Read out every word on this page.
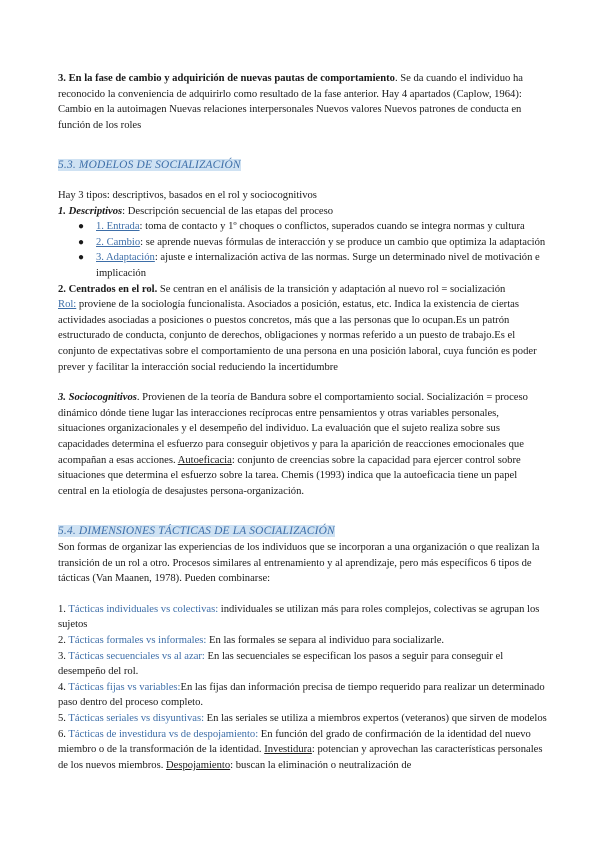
3. En la fase de cambio y adquirición de nuevas pautas de comportamiento. Se da cuando el individuo ha reconocido la conveniencia de adquirirlo como resultado de la fase anterior. Hay 4 apartados (Caplow, 1964): Cambio en la autoimagen Nuevas relaciones interpersonales Nuevos valores Nuevos patrones de conducta en función de los roles

5.3. MODELOS DE SOCIALIZACIÓN

Hay 3 tipos: descriptivos, basados en el rol y sociocognitivos

1. Descriptivos: Descripción secuencial de las etapas del proceso

● 1. Entrada: toma de contacto y 1º choques o conflictos, superados cuando se integra normas y cultura
● 2. Cambio: se aprende nuevas fórmulas de interacción y se produce un cambio que optimiza la adaptación
● 3. Adaptación: ajuste e internalización activa de las normas. Surge un determinado nivel de motivación e implicación

2. Centrados en el rol. Se centran en el análisis de la transición y adaptación al nuevo rol = socialización
Rol: proviene de la sociología funcionalista. Asociados a posición, estatus, etc. Indica la existencia de ciertas actividades asociadas a posiciones o puestos concretos, más que a las personas que lo ocupan.Es un patrón estructurado de conducta, conjunto de derechos, obligaciones y normas referido a un puesto de trabajo.Es el conjunto de expectativas sobre el comportamiento de una persona en una posición laboral, cuya función es poder prever y facilitar la interacción social reduciendo la incertidumbre

3. Sociocognitivos. Provienen de la teoría de Bandura sobre el comportamiento social. Socialización = proceso dinámico dónde tiene lugar las interacciones recíprocas entre pensamientos y otras variables personales, situaciones organizacionales y el desempeño del individuo. La evaluación que el sujeto realiza sobre sus capacidades determina el esfuerzo para conseguir objetivos y para la aparición de reacciones emocionales que acompañan a esas acciones. Autoeficacia: conjunto de creencias sobre la capacidad para ejercer control sobre situaciones que determina el esfuerzo sobre la tarea. Chemis (1993) indica que la autoeficacia tiene un papel central en la etiología de desajustes persona-organización.

5.4. DIMENSIONES TÁCTICAS DE LA SOCIALIZACIÓN

Son formas de organizar las experiencias de los individuos que se incorporan a una organización o que realizan la transición de un rol a otro. Procesos similares al entrenamiento y al aprendizaje, pero más específicos 6 tipos de tácticas (Van Maanen, 1978). Pueden combinarse:

1. Tácticas individuales vs colectivas: individuales se utilizan más para roles complejos, colectivas se agrupan los sujetos

2. Tácticas formales vs informales: En las formales se separa al individuo para socializarle.

3. Tácticas secuenciales vs al azar: En las secuenciales se especifican los pasos a seguir para conseguir el desempeño del rol.

4. Tácticas fijas vs variables:En las fijas dan información precisa de tiempo requerido para realizar un determinado paso dentro del proceso completo.

5. Tácticas seriales vs disyuntivas: En las seriales se utiliza a miembros expertos (veteranos) que sirven de modelos

6. Tácticas de investidura vs de despojamiento: En función del grado de confirmación de la identidad del nuevo miembro o de la transformación de la identidad. Investidura: potencian y aprovechan las características personales de los nuevos miembros. Despojamiento: buscan la eliminación o neutralización de
